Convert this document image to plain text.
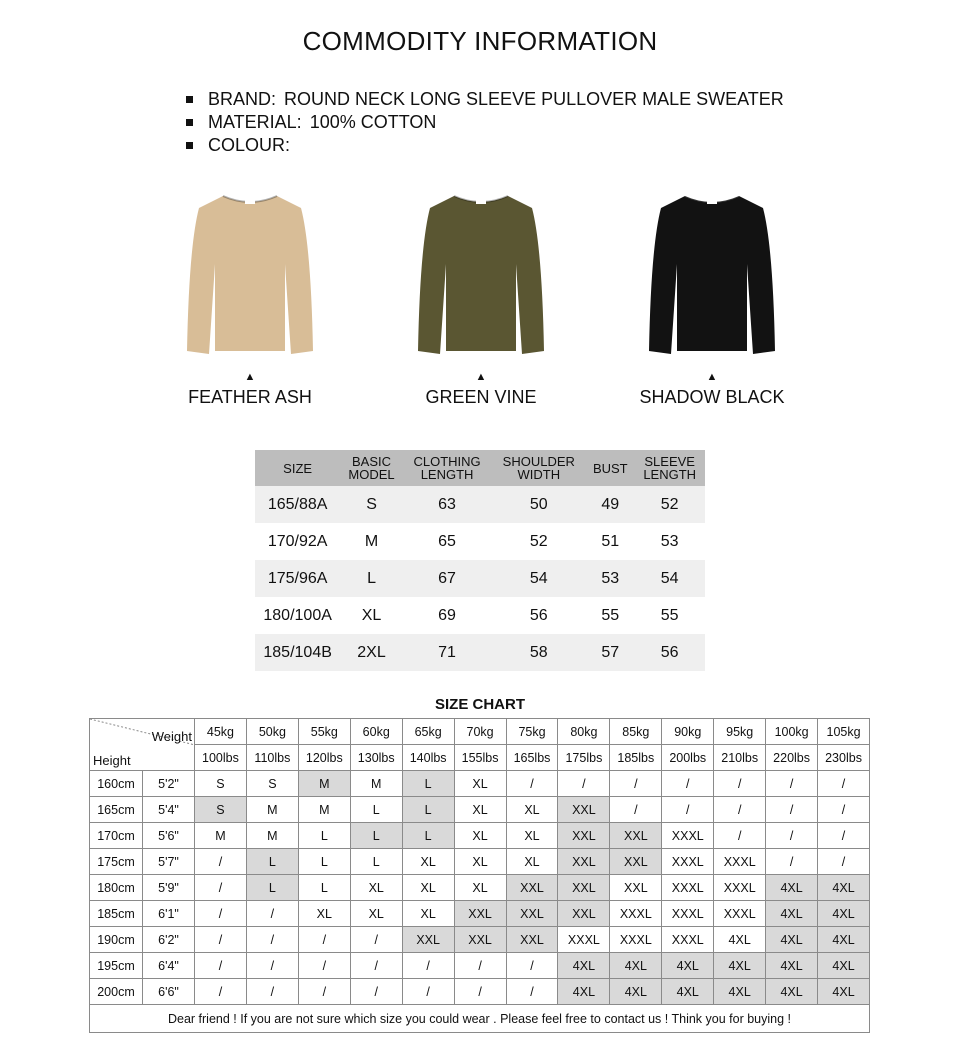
COMMODITY INFORMATION
BRAND: ROUND NECK LONG SLEEVE PULLOVER MALE SWEATER
MATERIAL: 100% COTTON
COLOUR:
▲
FEATHER ASH
▲
GREEN VINE
▲
SHADOW BLACK
SIZE	BASIC
MODEL	CLOTHING
LENGTH	SHOULDER
WIDTH	BUST	SLEEVE
LENGTH
165/88A	S	63	50	49	52
170/92A	M	65	52	51	53
175/96A	L	67	54	53	54
180/100A	XL	69	56	55	55
185/104B	2XL	71	58	57	56
SIZE CHART
Weight
Height		45kg	50kg	55kg	60kg	65kg	70kg	75kg	80kg	85kg	90kg	95kg	100kg	105kg
		100lbs	110lbs	120lbs	130lbs	140lbs	155lbs	165lbs	175lbs	185lbs	200lbs	210lbs	220lbs	230lbs
160cm	5'2"	S	S	M	M	L	XL	/	/	/	/	/	/	/
165cm	5'4"	S	M	M	L	L	XL	XL	XXL	/	/	/	/	/
170cm	5'6"	M	M	L	L	L	XL	XL	XXL	XXL	XXXL	/	/	/
175cm	5'7"	/	L	L	L	XL	XL	XL	XXL	XXL	XXXL	XXXL	/	/
180cm	5'9"	/	L	L	XL	XL	XL	XXL	XXL	XXL	XXXL	XXXL	4XL	4XL
185cm	6'1"	/	/	XL	XL	XL	XXL	XXL	XXL	XXXL	XXXL	XXXL	4XL	4XL
190cm	6'2"	/	/	/	/	XXL	XXL	XXL	XXXL	XXXL	XXXL	4XL	4XL	4XL
195cm	6'4"	/	/	/	/	/	/	/	4XL	4XL	4XL	4XL	4XL	4XL
200cm	6'6"	/	/	/	/	/	/	/	4XL	4XL	4XL	4XL	4XL	4XL
Dear friend ! If you are not sure which size you could wear . Please feel free to contact us ! Think you for buying !														
